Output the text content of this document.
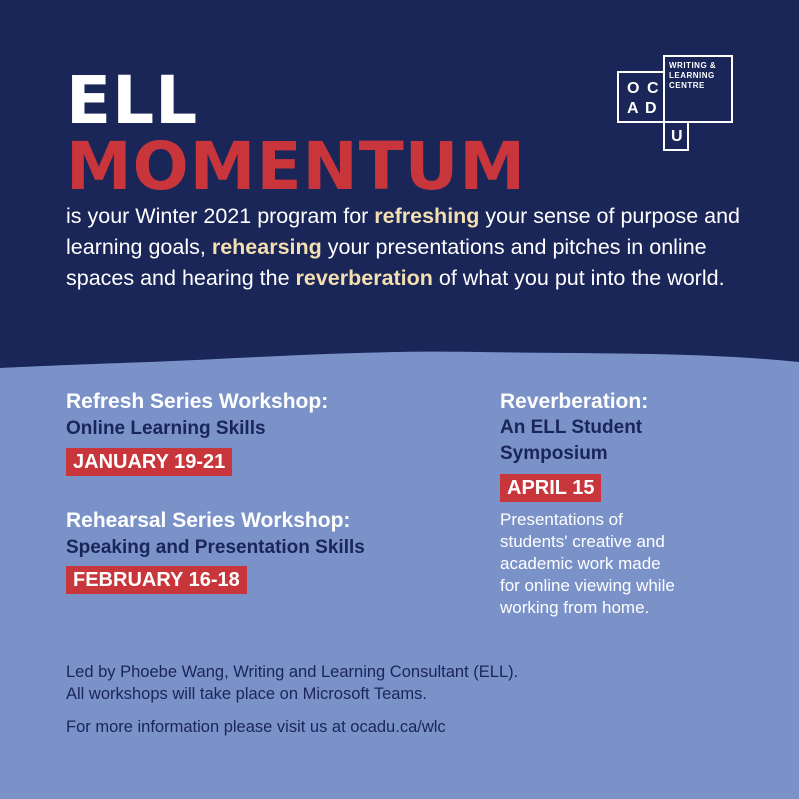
ELL
MOMENTUM

is your Winter 2021 program for refreshing your sense of purpose and learning goals, rehearsing your presentations and pitches in online spaces and hearing the reverberation of what you put into the world.

O C
A D
U
WRITING &
LEARNING
CENTRE
Refresh Series Workshop:
Online Learning Skills
JANUARY 19-21
Rehearsal Series Workshop:
Speaking and Presentation Skills
FEBRUARY 16-18
Reverberation:
An ELL Student
Symposium
APRIL 15
Presentations of
students' creative and
academic work made
for online viewing while
working from home.

Led by Phoebe Wang, Writing and Learning Consultant (ELL).

All workshops will take place on Microsoft Teams.

For more information please visit us at ocadu.ca/wlc
